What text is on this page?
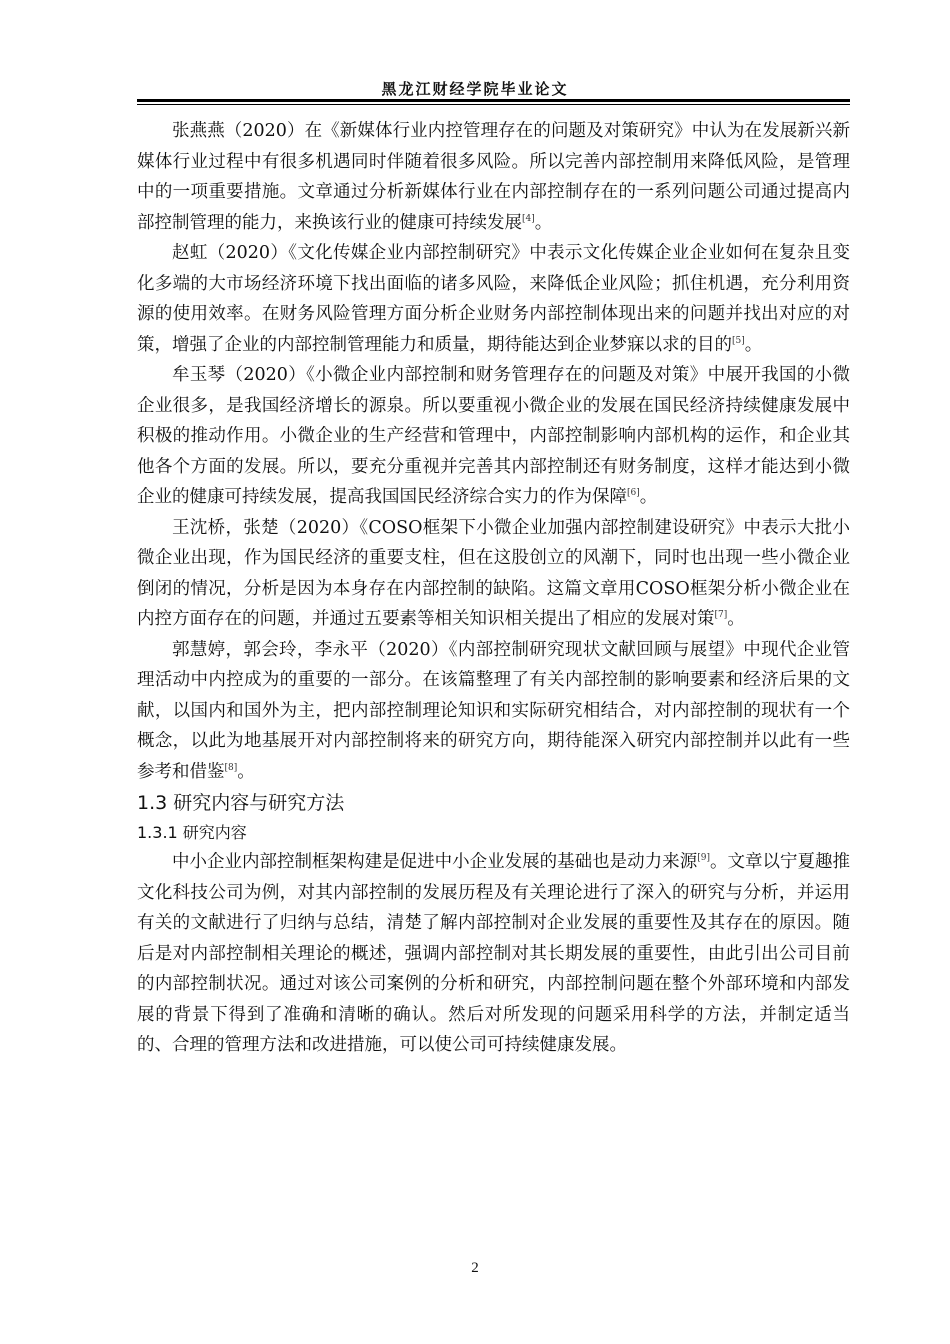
黑龙江财经学院毕业论文

张燕燕（2020）在《新媒体行业内控管理存在的问题及对策研究》中认为在发展新兴新媒体行业过程中有很多机遇同时伴随着很多风险。所以完善内部控制用来降低风险，是管理中的一项重要措施。文章通过分析新媒体行业在内部控制存在的一系列问题公司通过提高内部控制管理的能力，来换该行业的健康可持续发展[4]。

赵虹（2020）《文化传媒企业内部控制研究》中表示文化传媒企业企业如何在复杂且变化多端的大市场经济环境下找出面临的诸多风险，来降低企业风险；抓住机遇，充分利用资源的使用效率。在财务风险管理方面分析企业财务内部控制体现出来的问题并找出对应的对策，增强了企业的内部控制管理能力和质量，期待能达到企业梦寐以求的目的[5]。

牟玉琴（2020）《小微企业内部控制和财务管理存在的问题及对策》中展开我国的小微企业很多，是我国经济增长的源泉。所以要重视小微企业的发展在国民经济持续健康发展中积极的推动作用。小微企业的生产经营和管理中，内部控制影响内部机构的运作，和企业其他各个方面的发展。所以，要充分重视并完善其内部控制还有财务制度，这样才能达到小微企业的健康可持续发展，提高我国国民经济综合实力的作为保障[6]。

王沈桥，张楚（2020）《COSO框架下小微企业加强内部控制建设研究》中表示大批小微企业出现，作为国民经济的重要支柱，但在这股创立的风潮下，同时也出现一些小微企业倒闭的情况，分析是因为本身存在内部控制的缺陷。这篇文章用COSO框架分析小微企业在内控方面存在的问题，并通过五要素等相关知识相关提出了相应的发展对策[7]。

郭慧婷，郭会玲，李永平（2020）《内部控制研究现状文献回顾与展望》中现代企业管理活动中内控成为的重要的一部分。在该篇整理了有关内部控制的影响要素和经济后果的文献，以国内和国外为主，把内部控制理论知识和实际研究相结合，对内部控制的现状有一个概念，以此为地基展开对内部控制将来的研究方向，期待能深入研究内部控制并以此有一些参考和借鉴[8]。

1.3 研究内容与研究方法
1.3.1 研究内容

中小企业内部控制框架构建是促进中小企业发展的基础也是动力来源[9]。文章以宁夏趣推文化科技公司为例，对其内部控制的发展历程及有关理论进行了深入的研究与分析，并运用有关的文献进行了归纳与总结，清楚了解内部控制对企业发展的重要性及其存在的原因。随后是对内部控制相关理论的概述，强调内部控制对其长期发展的重要性，由此引出公司目前的内部控制状况。通过对该公司案例的分析和研究，内部控制问题在整个外部环境和内部发展的背景下得到了准确和清晰的确认。然后对所发现的问题采用科学的方法，并制定适当的、合理的管理方法和改进措施，可以使公司可持续健康发展。

2
